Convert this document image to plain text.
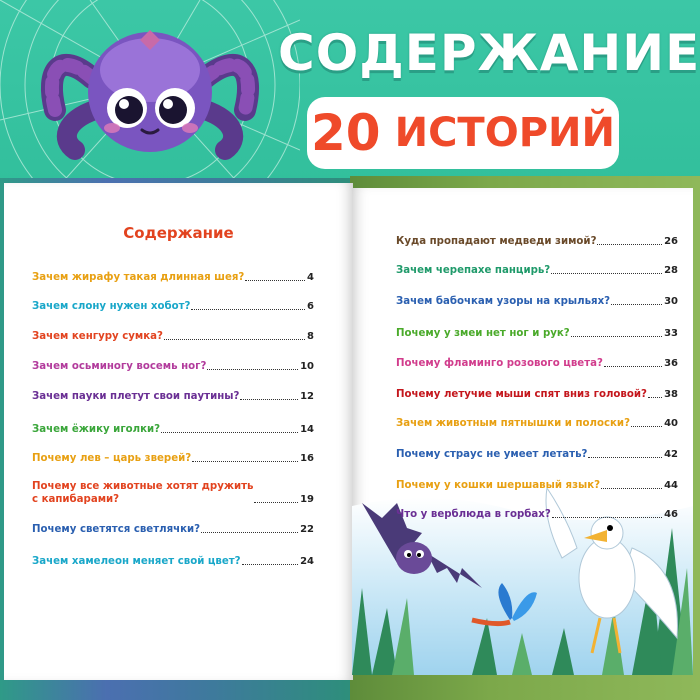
СОДЕРЖАНИЕ
20 ИСТОРИЙ
Содержание
Зачем жирафу такая длинная шея?	4
Зачем слону нужен хобот?	6
Зачем кенгуру сумка?	8
Зачем осьминогу восемь ног?	10
Зачем пауки плетут свои паутины?	12
Зачем ёжику иголки?	14
Почему лев – царь зверей?	16
Почему все животные хотят дружить
с капибарами?	19
Почему светятся светлячки?	22
Зачем хамелеон меняет свой цвет?	24
Куда пропадают медведи зимой?	26
Зачем черепахе панцирь?	28
Зачем бабочкам узоры на крыльях?	30
Почему у змеи нет ног и рук?	33
Почему фламинго розового цвета?	36
Почему летучие мыши спят вниз головой? 38
Зачем животным пятнышки и полоски?	40
Почему страус не умеет летать?	42
Почему у кошки шершавый язык?	44
Что у верблюда в горбах?	46
